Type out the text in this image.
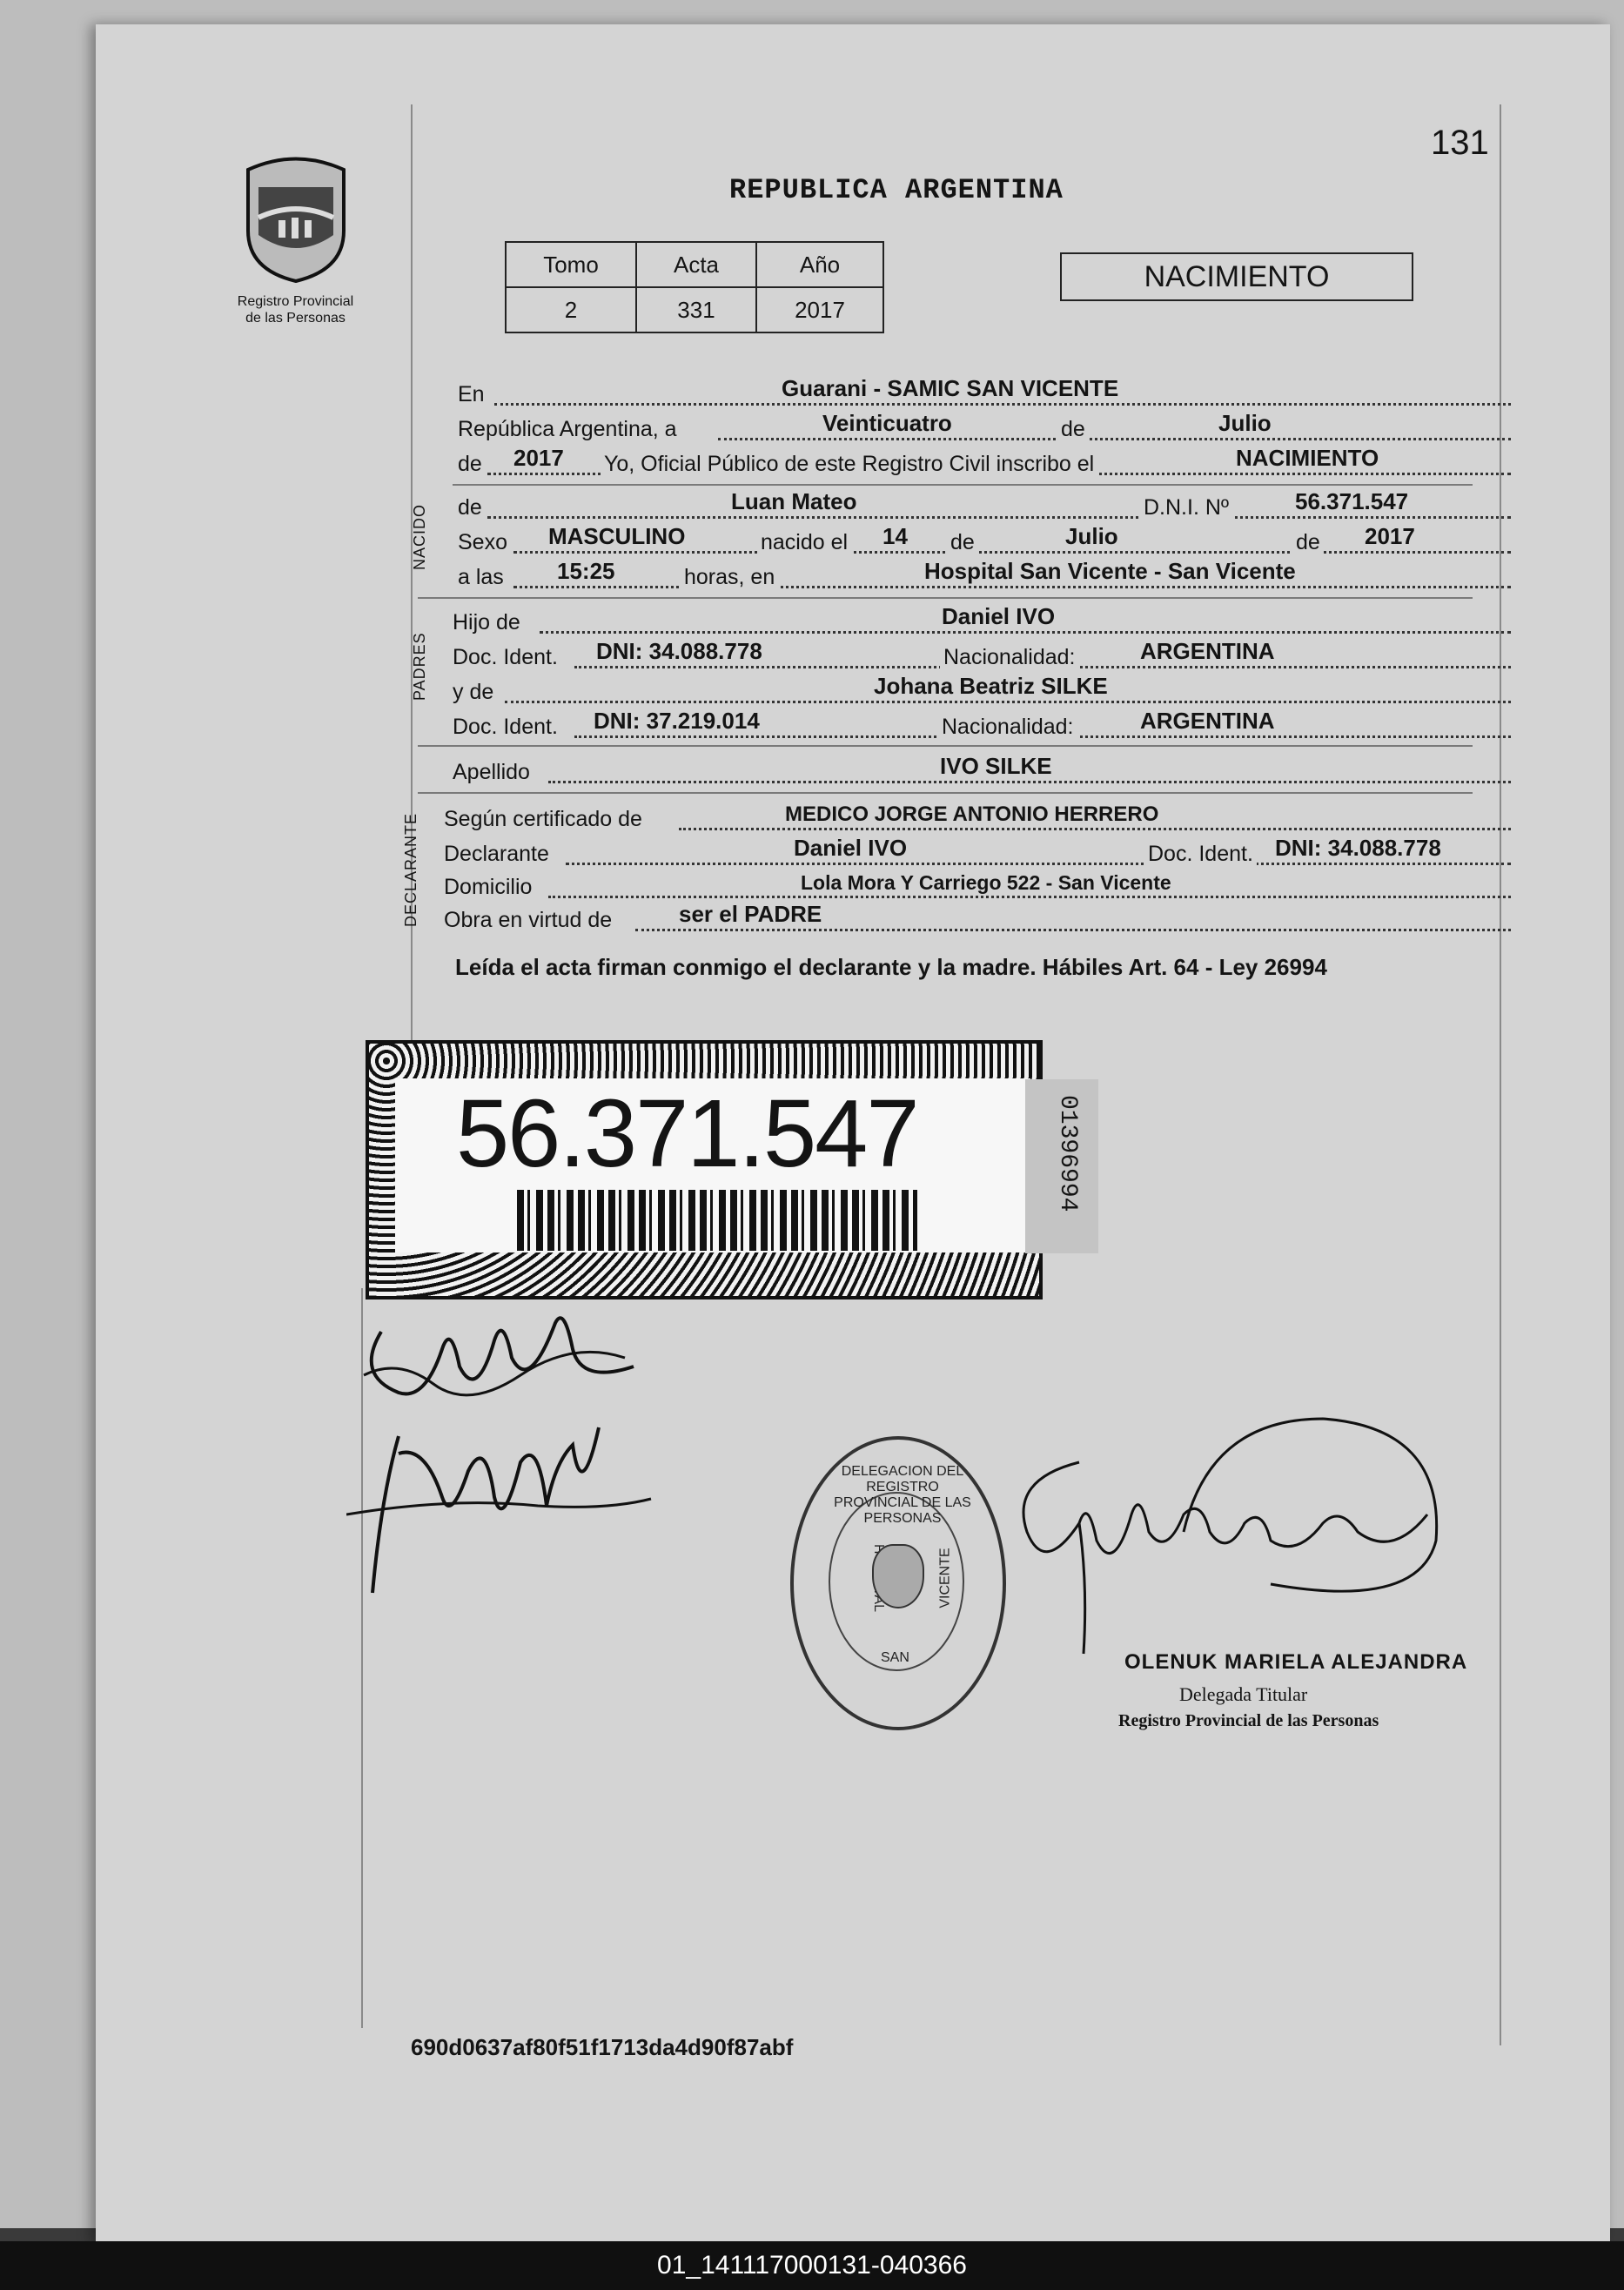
131
REPUBLICA ARGENTINA
Registro Provincial
de las Personas
Tomo	Acta	Año
2	331	2017
NACIMIENTO
En	Guarani - SAMIC SAN VICENTE
República Argentina, a	Veinticuatro	de	Julio
de 2017 Yo, Oficial Público de este Registro Civil inscribo el	NACIMIENTO
NACIDO de	Luan Mateo	D.N.I. Nº	56.371.547
Sexo MASCULINO	nacido el 14 de	Julio	de 2017
a las 15:25	horas, en	Hospital San Vicente - San Vicente
PADRES
Hijo de	Daniel IVO
Doc. Ident. DNI: 34.088.778	Nacionalidad:	ARGENTINA
y de	Johana Beatriz SILKE
Doc. Ident. DNI: 37.219.014	Nacionalidad:	ARGENTINA
Apellido	IVO SILKE
DECLARANTE Según certificado de	MEDICO JORGE ANTONIO HERRERO
Declarante	Daniel IVO	Doc. Ident. DNI: 34.088.778
Domicilio	Lola Mora Y Carriego 522 - San Vicente
Obra en virtud de	ser el PADRE
Leída el acta firman conmigo el declarante y la madre. Hábiles Art. 64 - Ley 26994
56.371.547	01396994
DELEGACION DEL REGISTRO PROVINCIAL DE LAS PERSONAS
VICENTE
SAN	OLENUK MARIELA ALEJANDRA
Delegada Titular
Registro Provincial de las Personas
690d0637af80f51f1713da4d90f87abf
01_141117000131-040366
